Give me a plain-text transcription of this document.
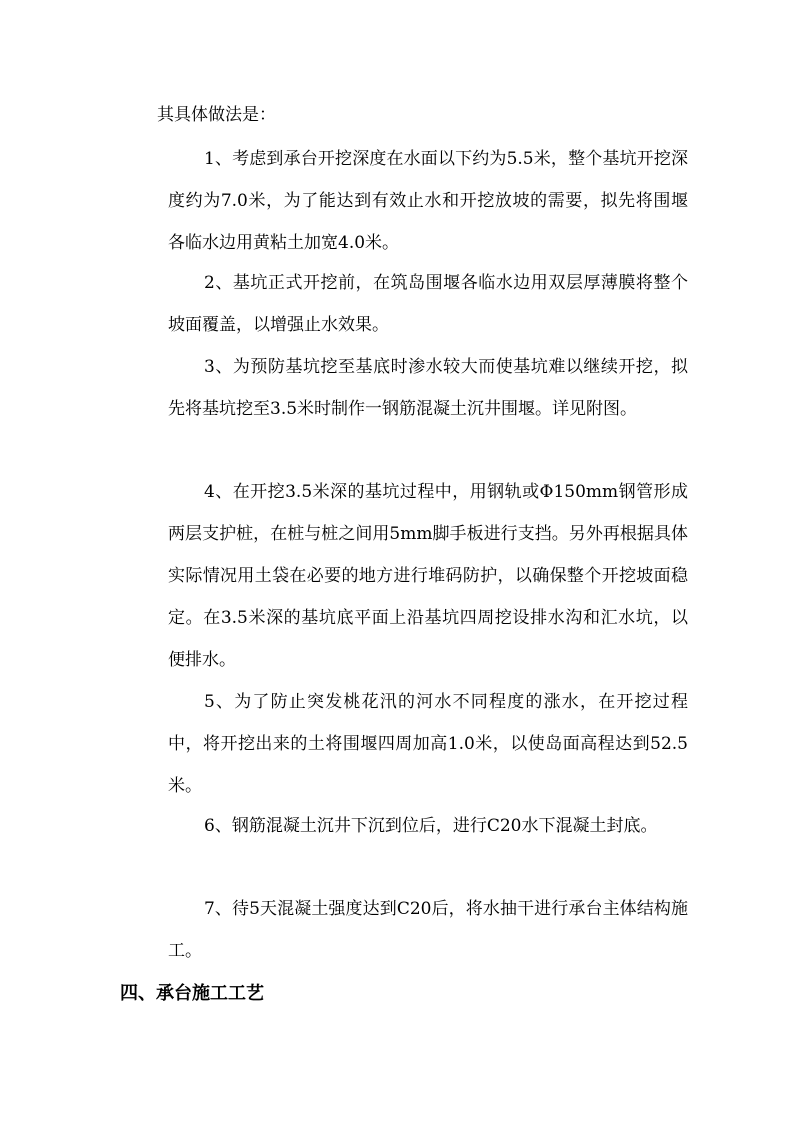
其具体做法是：

1、考虑到承台开挖深度在水面以下约为5.5米，整个基坑开挖深度约为7.0米，为了能达到有效止水和开挖放坡的需要，拟先将围堰各临水边用黄粘土加宽4.0米。

2、基坑正式开挖前，在筑岛围堰各临水边用双层厚薄膜将整个坡面覆盖，以增强止水效果。

3、为预防基坑挖至基底时渗水较大而使基坑难以继续开挖，拟先将基坑挖至3.5米时制作一钢筋混凝土沉井围堰。详见附图。

4、在开挖3.5米深的基坑过程中，用钢轨或Φ150mm钢管形成两层支护桩，在桩与桩之间用5mm脚手板进行支挡。另外再根据具体实际情况用土袋在必要的地方进行堆码防护，以确保整个开挖坡面稳定。在3.5米深的基坑底平面上沿基坑四周挖设排水沟和汇水坑，以便排水。

5、为了防止突发桃花汛的河水不同程度的涨水，在开挖过程中，将开挖出来的土将围堰四周加高1.0米，以使岛面高程达到52.5米。

6、钢筋混凝土沉井下沉到位后，进行C20水下混凝土封底。

7、待5天混凝土强度达到C20后，将水抽干进行承台主体结构施工。

四、承台施工工艺
